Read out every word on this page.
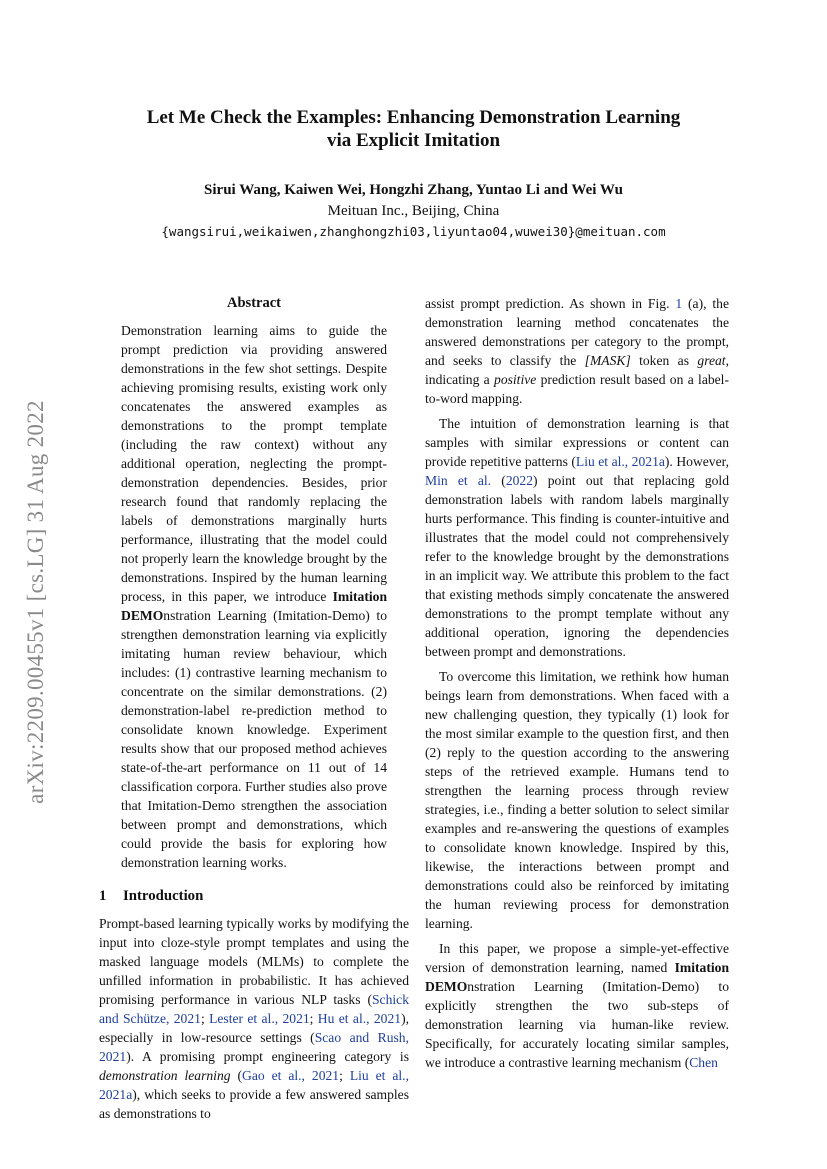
Let Me Check the Examples: Enhancing Demonstration Learning
via Explicit Imitation
Sirui Wang, Kaiwen Wei, Hongzhi Zhang, Yuntao Li and Wei Wu
Meituan Inc., Beijing, China
{wangsirui,weikaiwen,zhanghongzhi03,liyuntao04,wuwei30}@meituan.com
arXiv:2209.00455v1 [cs.LG] 31 Aug 2022
Abstract
Demonstration learning aims to guide the prompt prediction via providing answered demonstrations in the few shot settings. Despite achieving promising results, existing work only concatenates the answered examples as demonstrations to the prompt template (including the raw context) without any additional operation, neglecting the prompt-demonstration dependencies. Besides, prior research found that randomly replacing the labels of demonstrations marginally hurts performance, illustrating that the model could not properly learn the knowledge brought by the demonstrations. Inspired by the human learning process, in this paper, we introduce Imitation DEMOnstration Learning (Imitation-Demo) to strengthen demonstration learning via explicitly imitating human review behaviour, which includes: (1) contrastive learning mechanism to concentrate on the similar demonstrations. (2) demonstration-label re-prediction method to consolidate known knowledge. Experiment results show that our proposed method achieves state-of-the-art performance on 11 out of 14 classification corpora. Further studies also prove that Imitation-Demo strengthen the association between prompt and demonstrations, which could provide the basis for exploring how demonstration learning works.
1 Introduction

Prompt-based learning typically works by modifying the input into cloze-style prompt templates and using the masked language models (MLMs) to complete the unfilled information in probabilistic. It has achieved promising performance in various NLP tasks (Schick and Schütze, 2021; Lester et al., 2021; Hu et al., 2021), especially in low-resource settings (Scao and Rush, 2021). A promising prompt engineering category is demonstration learning (Gao et al., 2021; Liu et al., 2021a), which seeks to provide a few answered samples as demonstrations to

assist prompt prediction. As shown in Fig. 1 (a), the demonstration learning method concatenates the answered demonstrations per category to the prompt, and seeks to classify the [MASK] token as great, indicating a positive prediction result based on a label-to-word mapping.

The intuition of demonstration learning is that samples with similar expressions or content can provide repetitive patterns (Liu et al., 2021a). However, Min et al. (2022) point out that replacing gold demonstration labels with random labels marginally hurts performance. This finding is counter-intuitive and illustrates that the model could not comprehensively refer to the knowledge brought by the demonstrations in an implicit way. We attribute this problem to the fact that existing methods simply concatenate the answered demonstrations to the prompt template without any additional operation, ignoring the dependencies between prompt and demonstrations.

To overcome this limitation, we rethink how human beings learn from demonstrations. When faced with a new challenging question, they typically (1) look for the most similar example to the question first, and then (2) reply to the question according to the answering steps of the retrieved example. Humans tend to strengthen the learning process through review strategies, i.e., finding a better solution to select similar examples and re-answering the questions of examples to consolidate known knowledge. Inspired by this, likewise, the interactions between prompt and demonstrations could also be reinforced by imitating the human reviewing process for demonstration learning.

In this paper, we propose a simple-yet-effective version of demonstration learning, named Imitation DEMOnstration Learning (Imitation-Demo) to explicitly strengthen the two sub-steps of demonstration learning via human-like review. Specifically, for accurately locating similar samples, we introduce a contrastive learning mechanism (Chen
